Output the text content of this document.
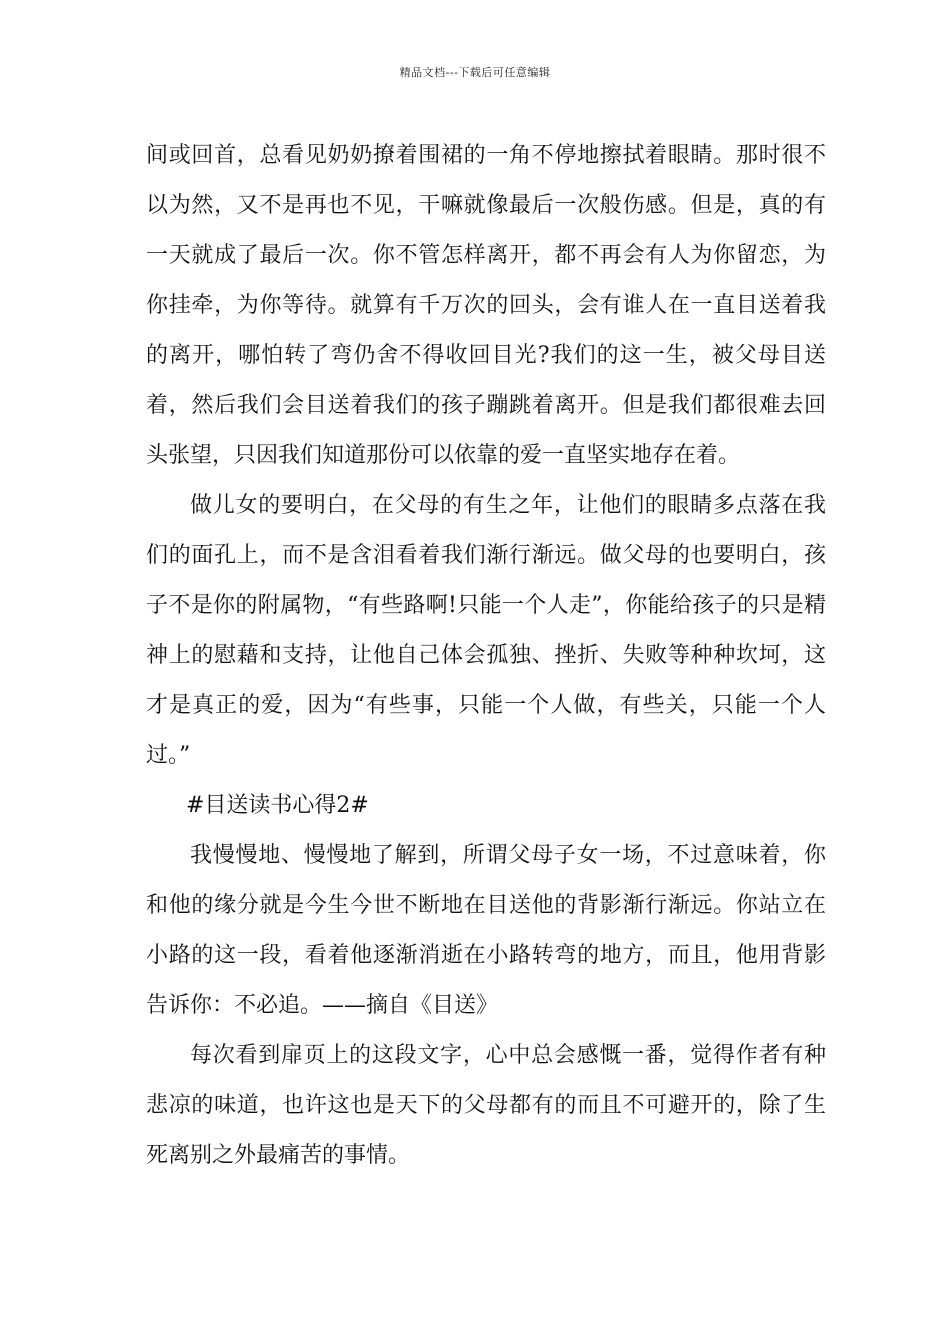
精品文档---下载后可任意编辑

间或回首，总看见奶奶撩着围裙的一角不停地擦拭着眼睛。那时很不以为然，又不是再也不见，干嘛就像最后一次般伤感。但是，真的有一天就成了最后一次。你不管怎样离开，都不再会有人为你留恋，为你挂牵，为你等待。就算有千万次的回头，会有谁人在一直目送着我的离开，哪怕转了弯仍舍不得收回目光?我们的这一生，被父母目送着，然后我们会目送着我们的孩子蹦跳着离开。但是我们都很难去回头张望，只因我们知道那份可以依靠的爱一直坚实地存在着。

做儿女的要明白，在父母的有生之年，让他们的眼睛多点落在我们的面孔上，而不是含泪看着我们渐行渐远。做父母的也要明白，孩子不是你的附属物，“有些路啊!只能一个人走”，你能给孩子的只是精神上的慰藉和支持，让他自己体会孤独、挫折、失败等种种坎坷，这才是真正的爱，因为“有些事，只能一个人做，有些关，只能一个人过。”

#目送读书心得2#

我慢慢地、慢慢地了解到，所谓父母子女一场，不过意味着，你和他的缘分就是今生今世不断地在目送他的背影渐行渐远。你站立在小路的这一段，看着他逐渐消逝在小路转弯的地方，而且，他用背影告诉你：不必追。——摘自《目送》

每次看到扉页上的这段文字，心中总会感慨一番，觉得作者有种悲凉的味道，也许这也是天下的父母都有的而且不可避开的，除了生死离别之外最痛苦的事情。
